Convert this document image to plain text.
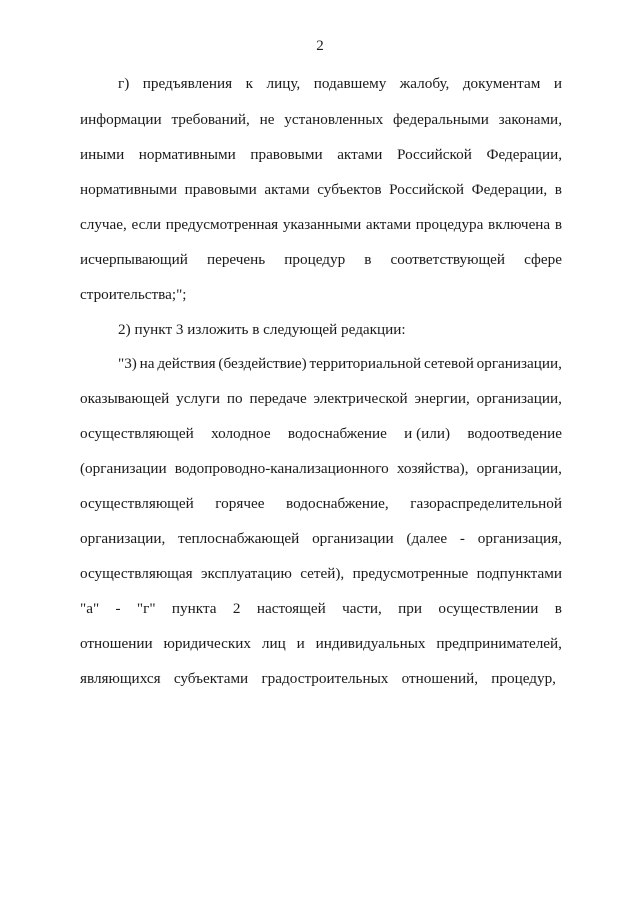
2
г) предъявления к лицу, подавшему жалобу, документам и
информации требований, не установленных федеральными законами,
иными нормативными правовыми актами Российской Федерации,
нормативными правовыми актами субъектов Российской Федерации, в
случае, если предусмотренная указанными актами процедура включена в
исчерпывающий перечень процедур в соответствующей сфере
строительства;";
2) пункт 3 изложить в следующей редакции:
"3) на действия (бездействие) территориальной сетевой организации,
оказывающей услуги по передаче электрической энергии, организации,
осуществляющей холодное водоснабжение и (или) водоотведение
(организации водопроводно-канализационного хозяйства), организации,
осуществляющей горячее водоснабжение, газораспределительной
организации, теплоснабжающей организации (далее - организация,
осуществляющая эксплуатацию сетей), предусмотренные подпунктами
"а" - "г" пункта 2 настоящей части, при осуществлении в
отношении юридических лиц и индивидуальных предпринимателей,
являющихся субъектами градостроительных отношений, процедур,
